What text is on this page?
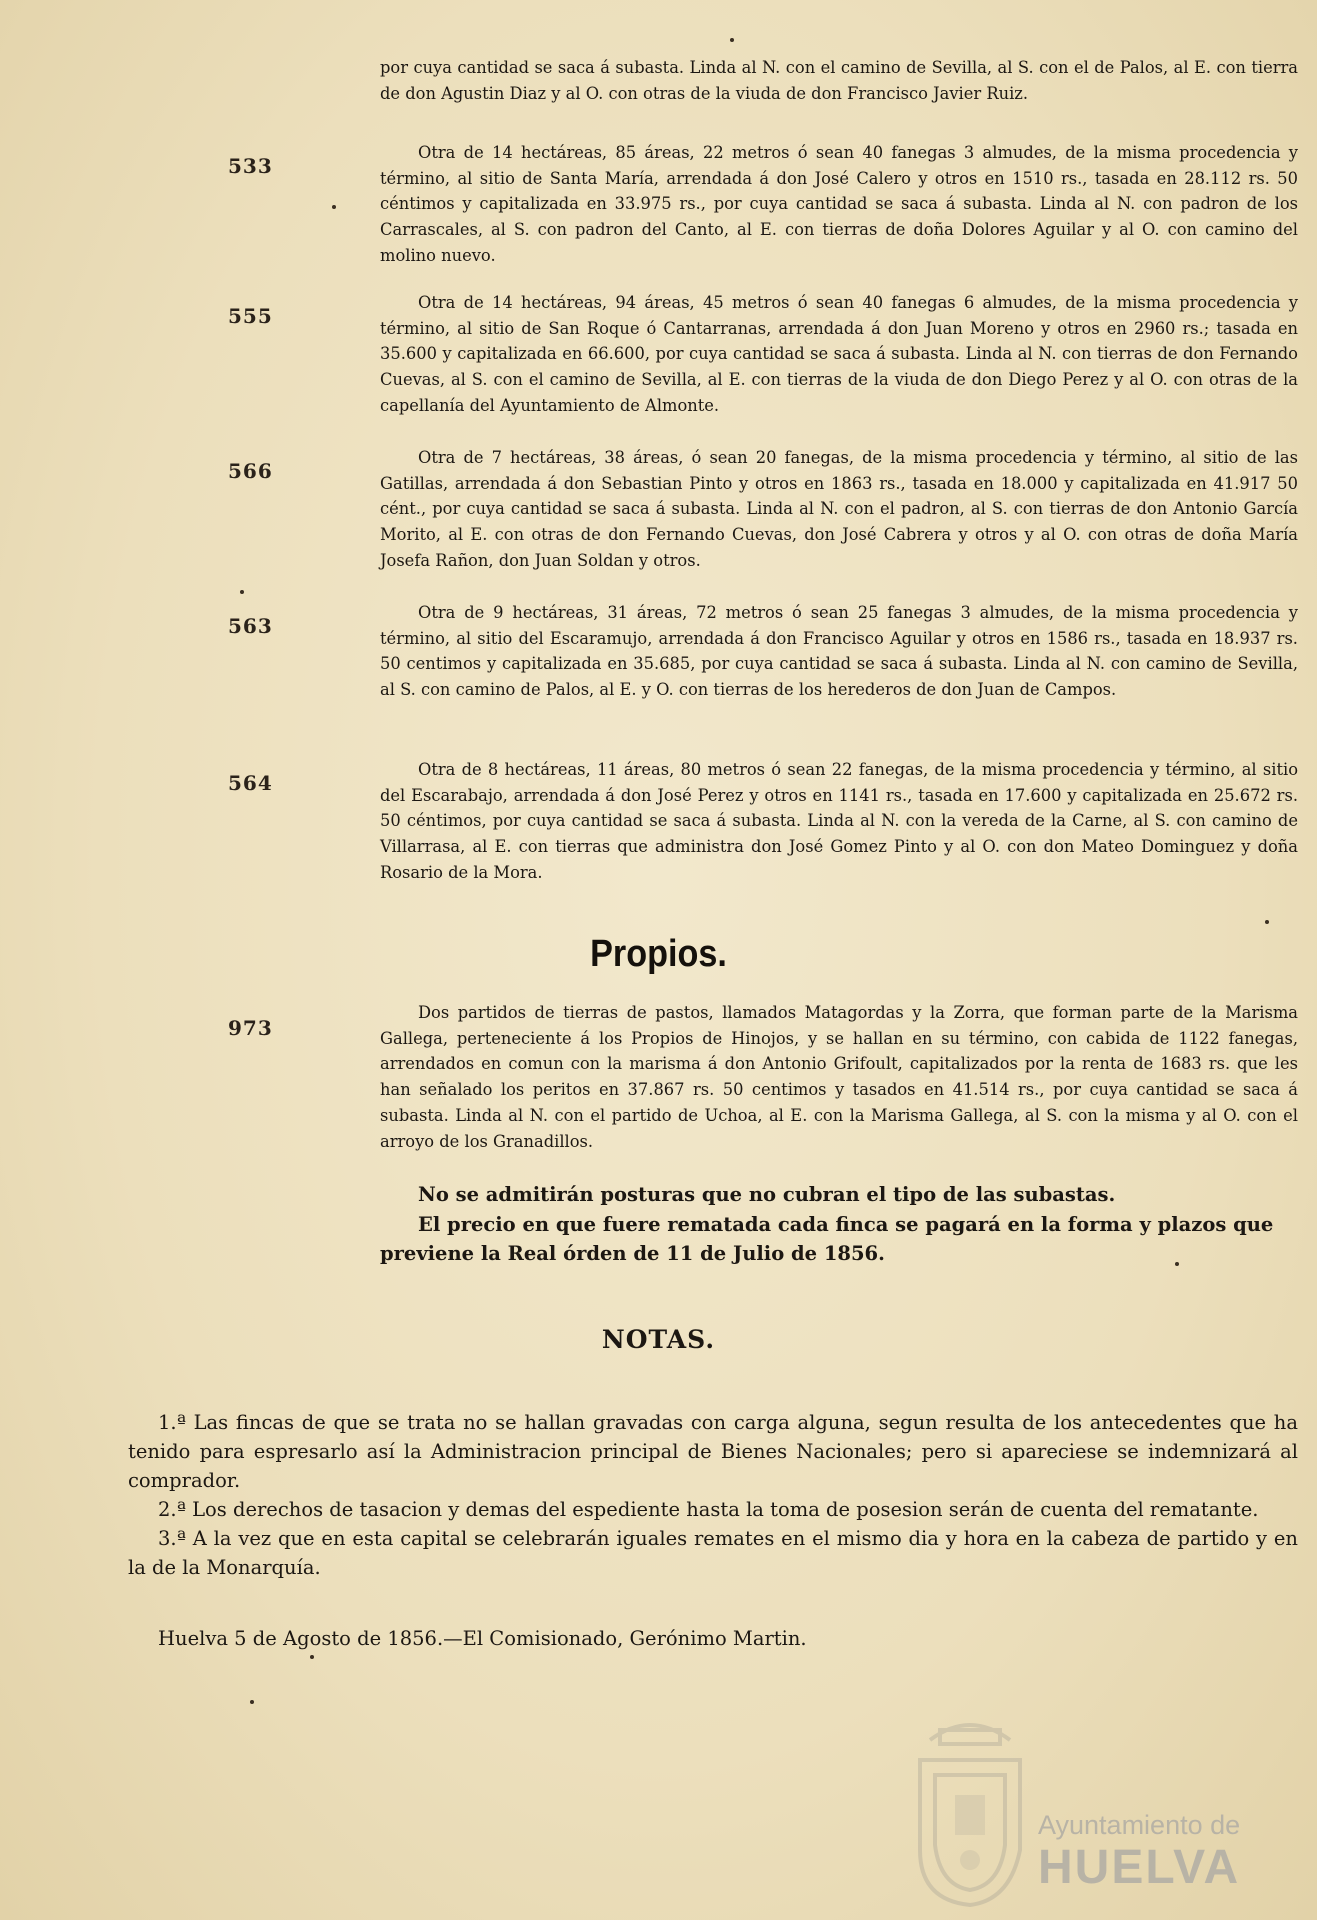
por cuya cantidad se saca á subasta. Linda al N. con el camino de Sevilla, al S. con el de Palos, al E. con tierra de don Agustin Diaz y al O. con otras de la viuda de don Francisco Javier Ruiz.

533

Otra de 14 hectáreas, 85 áreas, 22 metros ó sean 40 fanegas 3 almudes, de la misma procedencia y término, al sitio de Santa María, arrendada á don José Calero y otros en 1510 rs., tasada en 28.112 rs. 50 céntimos y capitalizada en 33.975 rs., por cuya cantidad se saca á subasta. Linda al N. con padron de los Carrascales, al S. con padron del Canto, al E. con tierras de doña Dolores Aguilar y al O. con camino del molino nuevo.

555

Otra de 14 hectáreas, 94 áreas, 45 metros ó sean 40 fanegas 6 almudes, de la misma procedencia y término, al sitio de San Roque ó Cantarranas, arrendada á don Juan Moreno y otros en 2960 rs.; tasada en 35.600 y capitalizada en 66.600, por cuya cantidad se saca á subasta. Linda al N. con tierras de don Fernando Cuevas, al S. con el camino de Sevilla, al E. con tierras de la viuda de don Diego Perez y al O. con otras de la capellanía del Ayuntamiento de Almonte.

566

Otra de 7 hectáreas, 38 áreas, ó sean 20 fanegas, de la misma procedencia y término, al sitio de las Gatillas, arrendada á don Sebastian Pinto y otros en 1863 rs., tasada en 18.000 y capitalizada en 41.917 50 cént., por cuya cantidad se saca á subasta. Linda al N. con el padron, al S. con tierras de don Antonio García Morito, al E. con otras de don Fernando Cuevas, don José Cabrera y otros y al O. con otras de doña María Josefa Rañon, don Juan Soldan y otros.

563

Otra de 9 hectáreas, 31 áreas, 72 metros ó sean 25 fanegas 3 almudes, de la misma procedencia y término, al sitio del Escaramujo, arrendada á don Francisco Aguilar y otros en 1586 rs., tasada en 18.937 rs. 50 centimos y capitalizada en 35.685, por cuya cantidad se saca á subasta. Linda al N. con camino de Sevilla, al S. con camino de Palos, al E. y O. con tierras de los herederos de don Juan de Campos.

564

Otra de 8 hectáreas, 11 áreas, 80 metros ó sean 22 fanegas, de la misma procedencia y término, al sitio del Escarabajo, arrendada á don José Perez y otros en 1141 rs., tasada en 17.600 y capitalizada en 25.672 rs. 50 céntimos, por cuya cantidad se saca á subasta. Linda al N. con la vereda de la Carne, al S. con camino de Villarrasa, al E. con tierras que administra don José Gomez Pinto y al O. con don Mateo Dominguez y doña Rosario de la Mora.

Propios.
973

Dos partidos de tierras de pastos, llamados Matagordas y la Zorra, que forman parte de la Marisma Gallega, perteneciente á los Propios de Hinojos, y se hallan en su término, con cabida de 1122 fanegas, arrendados en comun con la marisma á don Antonio Grifoult, capitalizados por la renta de 1683 rs. que les han señalado los peritos en 37.867 rs. 50 centimos y tasados en 41.514 rs., por cuya cantidad se saca á subasta. Linda al N. con el partido de Uchoa, al E. con la Marisma Gallega, al S. con la misma y al O. con el arroyo de los Granadillos.

No se admitirán posturas que no cubran el tipo de las subastas.

El precio en que fuere rematada cada finca se pagará en la forma y plazos que previene la Real órden de 11 de Julio de 1856.

NOTAS.

1.ª Las fincas de que se trata no se hallan gravadas con carga alguna, segun resulta de los antecedentes que ha tenido para espresarlo así la Administracion principal de Bienes Nacionales; pero si apareciese se indemnizará al comprador.

2.ª Los derechos de tasacion y demas del espediente hasta la toma de posesion serán de cuenta del rematante.

3.ª A la vez que en esta capital se celebrarán iguales remates en el mismo dia y hora en la cabeza de partido y en la de la Monarquía.

Huelva 5 de Agosto de 1856.—El Comisionado, Gerónimo Martin.

Ayuntamiento de
HUELVA
